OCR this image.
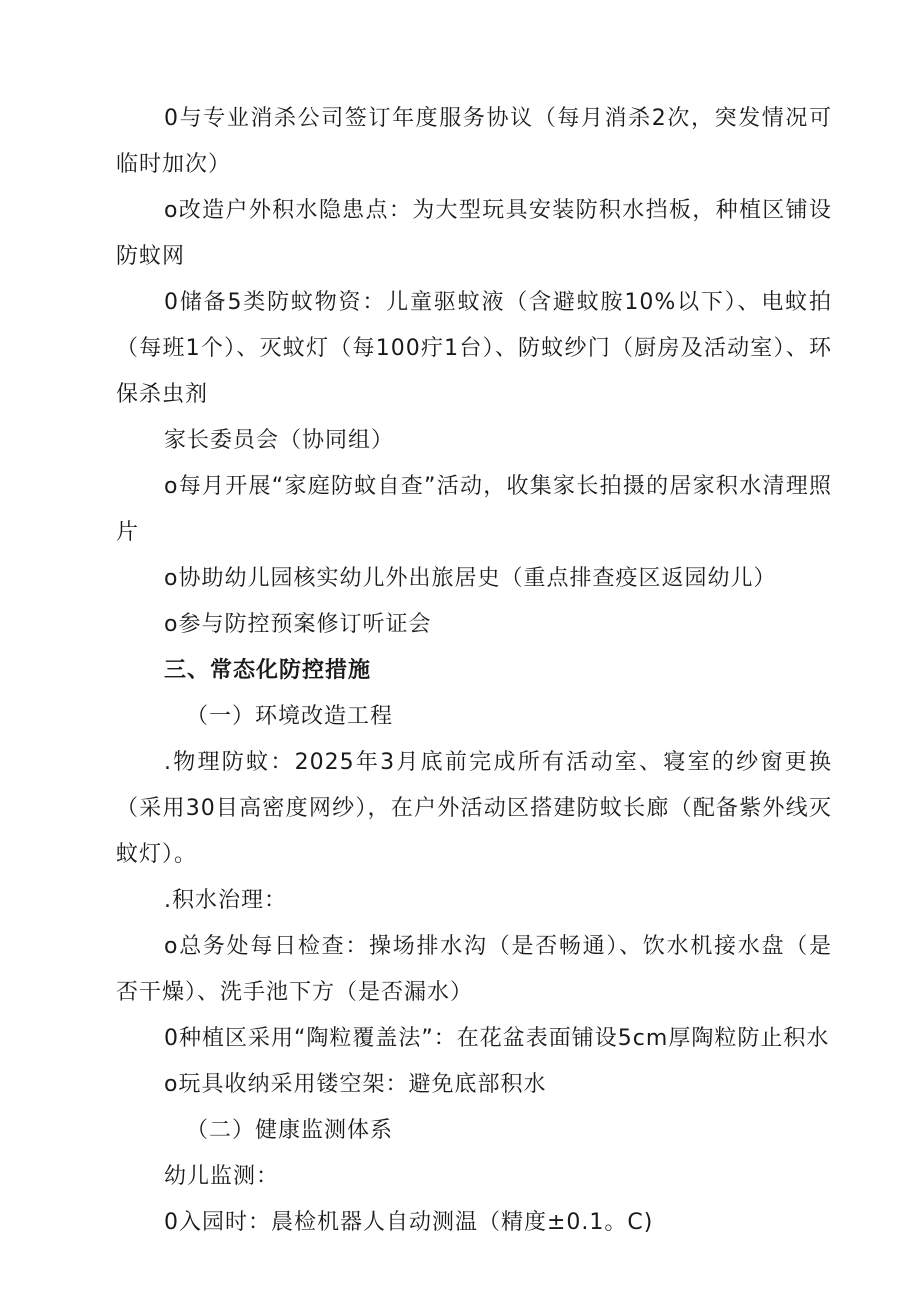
0与专业消杀公司签订年度服务协议（每月消杀2次，突发情况可临时加次）

o改造户外积水隐患点：为大型玩具安装防积水挡板，种植区铺设防蚊网

0储备5类防蚊物资：儿童驱蚊液（含避蚊胺10%以下）、电蚊拍（每班1个）、灭蚊灯（每100疔1台）、防蚊纱门（厨房及活动室）、环保杀虫剂

家长委员会（协同组）

o每月开展“家庭防蚊自查”活动，收集家长拍摄的居家积水清理照片

o协助幼儿园核实幼儿外出旅居史（重点排查疫区返园幼儿）

o参与防控预案修订听证会

三、常态化防控措施

（一）环境改造工程

.物理防蚊：2025年3月底前完成所有活动室、寝室的纱窗更换（采用30目高密度网纱），在户外活动区搭建防蚊长廊（配备紫外线灭蚊灯）。

.积水治理：

o总务处每日检查：操场排水沟（是否畅通）、饮水机接水盘（是否干燥）、洗手池下方（是否漏水）

0种植区采用“陶粒覆盖法”：在花盆表面铺设5cm厚陶粒防止积水

o玩具收纳采用镂空架：避免底部积水

（二）健康监测体系

幼儿监测：

0入园时：晨检机器人自动测温（精度±0.1。C)
